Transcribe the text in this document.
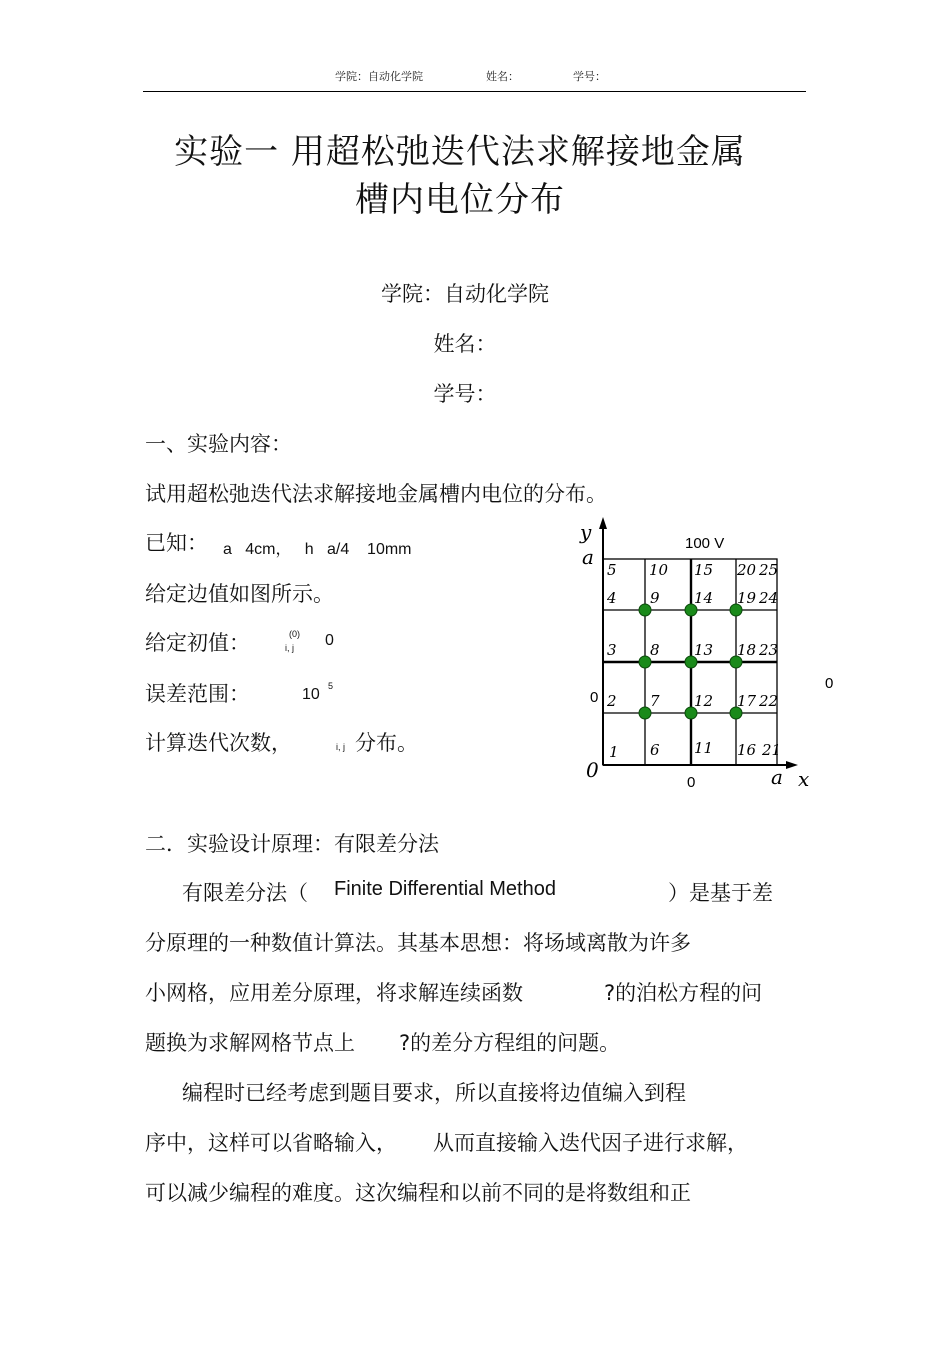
学院：自动化学院	姓名：	学号：
实验一 用超松弛迭代法求解接地金属
槽内电位分布
学院：自动化学院
姓名：
学号：
一、实验内容：
试用超松弛迭代法求解接地金属槽内电位的分布。
已知： a   4cm，   h   a/4    10mm
给定边值如图所示。
给定初值：	(0)
i, j 0
误差范围：	10 5
计算迭代次数，	i, j 分布。
5 10 15 20 25
4 9 14 19 24
3 8 13 18 23
2 7 12 17 22
1 6 11 16 21
y
a
a x
0
100 V
0
0
0
二．实验设计原理：有限差分法
有限差分法（ Finite Differential Method	）是基于差
分原理的一种数值计算法。其基本思想：将场域离散为许多
小网格，应用差分原理，将求解连续函数	?的泊松方程的问
题换为求解网格节点上 ?的差分方程组的问题。
编程时已经考虑到题目要求，所以直接将边值编入到程
序中，这样可以省略输入， 从而直接输入迭代因子进行求解，
可以减少编程的难度。这次编程和以前不同的是将数组和正
